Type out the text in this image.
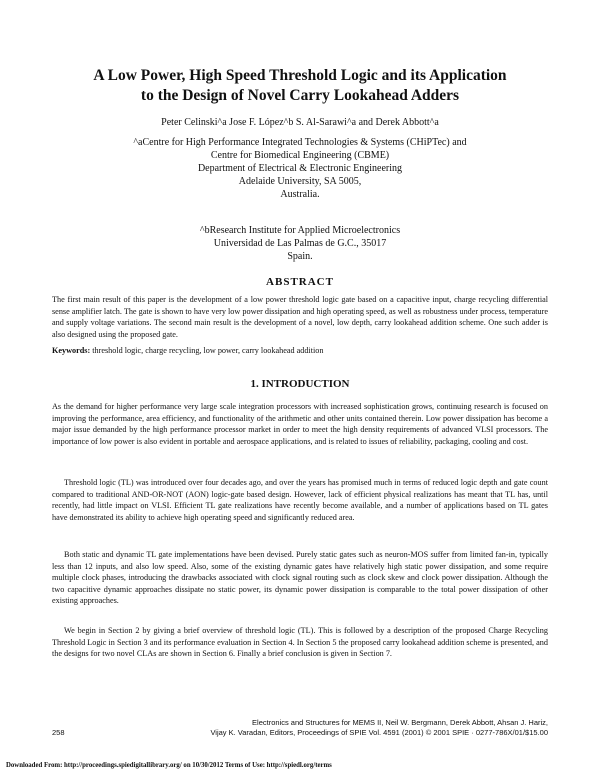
A Low Power, High Speed Threshold Logic and its Application
to the Design of Novel Carry Lookahead Adders
Peter Celinski^a Jose F. López^b S. Al-Sarawi^a and Derek Abbott^a
^aCentre for High Performance Integrated Technologies & Systems (CHiPTec) and
Centre for Biomedical Engineering (CBME)
Department of Electrical & Electronic Engineering
Adelaide University, SA 5005,
Australia.
^bResearch Institute for Applied Microelectronics
Universidad de Las Palmas de G.C., 35017
Spain.
ABSTRACT
The first main result of this paper is the development of a low power threshold logic gate based on a capacitive input, charge recycling differential sense amplifier latch. The gate is shown to have very low power dissipation and high operating speed, as well as robustness under process, temperature and supply voltage variations. The second main result is the development of a novel, low depth, carry lookahead addition scheme. One such adder is also designed using the proposed gate.
Keywords: threshold logic, charge recycling, low power, carry lookahead addition
1. INTRODUCTION
As the demand for higher performance very large scale integration processors with increased sophistication grows, continuing research is focused on improving the performance, area efficiency, and functionality of the arithmetic and other units contained therein. Low power dissipation has become a major issue demanded by the high performance processor market in order to meet the high density requirements of advanced VLSI processors. The importance of low power is also evident in portable and aerospace applications, and is related to issues of reliability, packaging, cooling and cost.
Threshold logic (TL) was introduced over four decades ago, and over the years has promised much in terms of reduced logic depth and gate count compared to traditional AND-OR-NOT (AON) logic-gate based design. However, lack of efficient physical realizations has meant that TL has, until recently, had little impact on VLSI. Efficient TL gate realizations have recently become available, and a number of applications based on TL gates have demonstrated its ability to achieve high operating speed and significantly reduced area.
Both static and dynamic TL gate implementations have been devised. Purely static gates such as neuron-MOS suffer from limited fan-in, typically less than 12 inputs, and also low speed. Also, some of the existing dynamic gates have relatively high static power dissipation, and some require multiple clock phases, introducing the drawbacks associated with clock signal routing such as clock skew and clock power dissipation. Although the two capacitive dynamic approaches dissipate no static power, its dynamic power dissipation is comparable to the total power dissipation of other existing approaches.
We begin in Section 2 by giving a brief overview of threshold logic (TL). This is followed by a description of the proposed Charge Recycling Threshold Logic in Section 3 and its performance evaluation in Section 4. In Section 5 the proposed carry lookahead addition scheme is presented, and the designs for two novel CLAs are shown in Section 6. Finally a brief conclusion is given in Section 7.
258
Electronics and Structures for MEMS II, Neil W. Bergmann, Derek Abbott, Ahsan J. Hariz,
Vijay K. Varadan, Editors, Proceedings of SPIE Vol. 4591 (2001) © 2001 SPIE · 0277-786X/01/$15.00
Downloaded From: http://proceedings.spiedigitallibrary.org/ on 10/30/2012 Terms of Use: http://spiedl.org/terms
